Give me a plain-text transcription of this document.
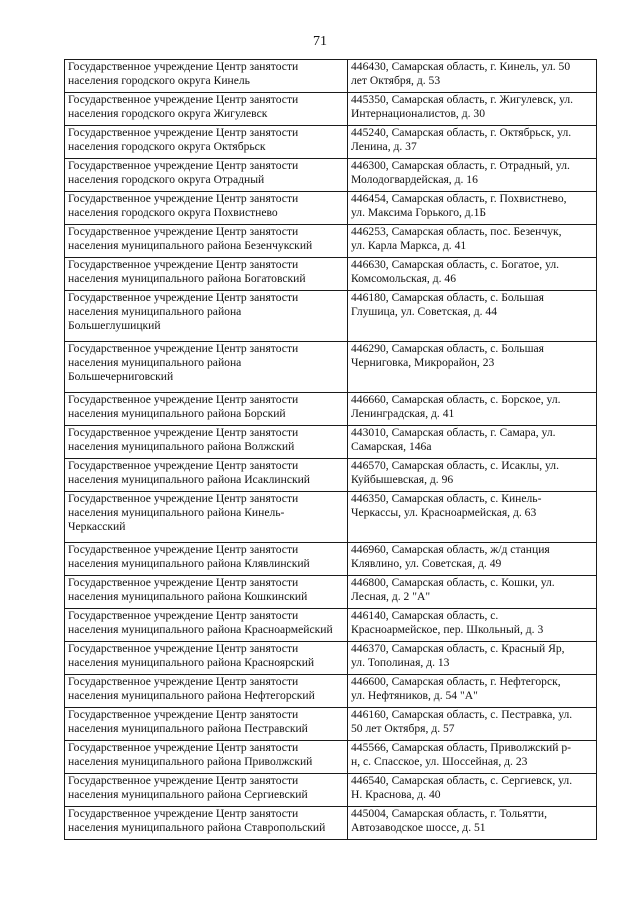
71
Государственное учреждение Центр занятости
населения городского округа Кинель	446430, Самарская область, г. Кинель, ул. 50
лет Октября, д. 53

Государственное учреждение Центр занятости
населения городского округа Жигулевск	445350, Самарская область, г. Жигулевск, ул.
Интернационалистов, д. 30

Государственное учреждение Центр занятости
населения городского округа Октябрьск	445240, Самарская область, г. Октябрьск, ул.
Ленина, д. 37

Государственное учреждение Центр занятости
населения городского округа Отрадный	446300, Самарская область, г. Отрадный, ул.
Молодогвардейская, д. 16

Государственное учреждение Центр занятости
населения городского округа Похвистнево	446454, Самарская область, г. Похвистнево,
ул. Максима Горького, д.1Б

Государственное учреждение Центр занятости
населения муниципального района Безенчукский	446253, Самарская область, пос. Безенчук,
ул. Карла Маркса, д. 41

Государственное учреждение Центр занятости
населения муниципального района Богатовский	446630, Самарская область, с. Богатое, ул.
Комсомольская, д. 46

Государственное учреждение Центр занятости
населения муниципального района
Большеглушицкий	446180, Самарская область, с. Большая
Глушица, ул. Советская, д. 44

Государственное учреждение Центр занятости
населения муниципального района
Большечерниговский	446290, Самарская область, с. Большая
Черниговка, Микрорайон, 23

Государственное учреждение Центр занятости
населения муниципального района Борский	446660, Самарская область, с. Борское, ул.
Ленинградская, д. 41

Государственное учреждение Центр занятости
населения муниципального района Волжский	443010, Самарская область, г. Самара, ул.
Самарская, 146а

Государственное учреждение Центр занятости
населения муниципального района Исаклинский	446570, Самарская область, с. Исаклы, ул.
Куйбышевская, д. 96

Государственное учреждение Центр занятости
населения муниципального района Кинель-
Черкасский	446350, Самарская область, с. Кинель-
Черкассы, ул. Красноармейская, д. 63

Государственное учреждение Центр занятости
населения муниципального района Клявлинский	446960, Самарская область, ж/д станция
Клявлино, ул. Советская, д. 49

Государственное учреждение Центр занятости
населения муниципального района Кошкинский	446800, Самарская область, с. Кошки, ул.
Лесная, д. 2 "А"

Государственное учреждение Центр занятости
населения муниципального района Красноармейский	446140, Самарская область, с.
Красноармейское, пер. Школьный, д. 3

Государственное учреждение Центр занятости
населения муниципального района Красноярский	446370, Самарская область, с. Красный Яр,
ул. Тополиная, д. 13

Государственное учреждение Центр занятости
населения муниципального района Нефтегорский	446600, Самарская область, г. Нефтегорск,
ул. Нефтяников, д. 54 "А"

Государственное учреждение Центр занятости
населения муниципального района Пестравский	446160, Самарская область, с. Пестравка, ул.
50 лет Октября, д. 57

Государственное учреждение Центр занятости
населения муниципального района Приволжский	445566, Самарская область, Приволжский р-
н, с. Спасское, ул. Шоссейная, д. 23

Государственное учреждение Центр занятости
населения муниципального района Сергиевский	446540, Самарская область, с. Сергиевск, ул.
Н. Краснова, д. 40

Государственное учреждение Центр занятости
населения муниципального района Ставропольский	445004, Самарская область, г. Тольятти,
Автозаводское шоссе, д. 51
